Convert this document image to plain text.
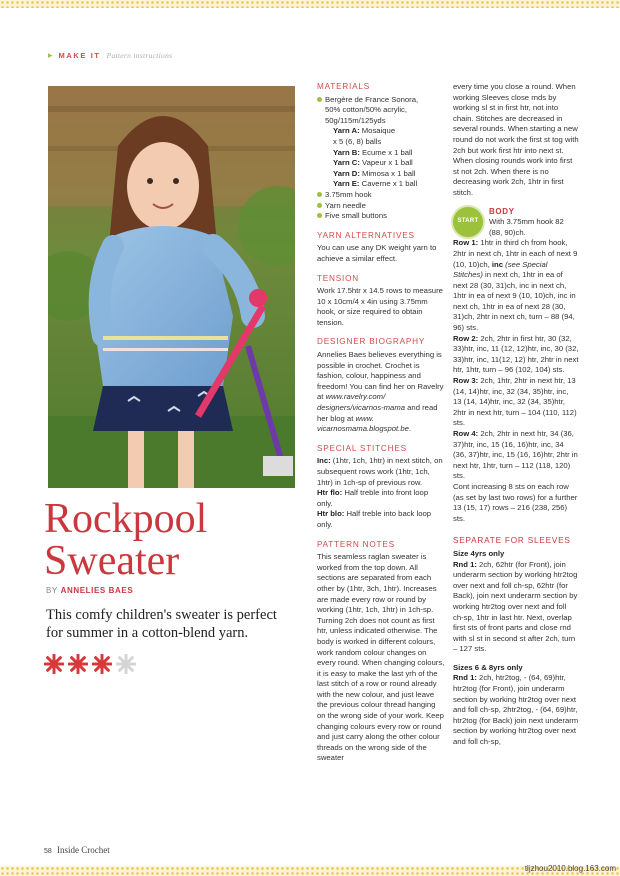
▸ MAKE IT Pattern instructions
Rockpool
Sweater
BY ANNELIES BAES
This comfy children's sweater is perfect for summer in a cotton-blend yarn.
MATERIALS

Bergère de France Sonora,
50% cotton/50% acrylic,
50g/115m/125yds

Yarn A: Mosaique

x 5 (6, 8) balls

Yarn B: Ecume x 1 ball

Yarn C: Vapeur x 1 ball

Yarn D: Mimosa x 1 ball

Yarn E: Caverne x 1 ball

3.75mm hook

Yarn needle

Five small buttons

YARN ALTERNATIVES

You can use any DK weight yarn to achieve a similar effect.

TENSION

Work 17.5htr x 14.5 rows to measure 10 x 10cm/4 x 4in using 3.75mm hook, or size required to obtain tension.

DESIGNER BIOGRAPHY

Annelies Baes believes everything is possible in crochet. Crochet is fashion, colour, happiness and freedom! You can find her on Ravelry at www.ravelry.com/ designers/vicarnos-mama and read her blog at www. vicarnosmama.blogspot.be.

SPECIAL STITCHES

Inc: (1htr, 1ch, 1htr) in next stitch, on subsequent rows work (1htr, 1ch, 1htr) in 1ch-sp of previous row.

Htr flo: Half treble into front loop only.

Htr blo: Half treble into back loop only.

PATTERN NOTES

This seamless raglan sweater is worked from the top down. All sections are separated from each other by (1htr, 3ch, 1htr). Increases are made every row or round by working (1htr, 1ch, 1htr) in 1ch-sp. Turning 2ch does not count as first htr, unless indicated otherwise. The body is worked in different colours, work random colour changes on every round. When changing colours, it is easy to make the last yrh of the last stitch of a row or round already with the new colour, and just leave the previous colour thread hanging on the wrong side of your work. Keep changing colours every row or round and just carry along the other colour threads on the wrong side of the sweater

every time you close a round. When working Sleeves close rnds by working sl st in first htr, not into chain. Stitches are decreased in several rounds. When starting a new round do not work the first st tog with 2ch but work first htr into next st. When closing rounds work into first st not 2ch. When there is no decreasing work 2ch, 1htr in first stitch.

START
BODY
With 3.75mm hook 82 (88, 90)ch.

Row 1: 1htr in third ch from hook, 2htr in next ch, 1htr in each of next 9 (10, 10)ch, inc (see Special Stitches) in next ch, 1htr in ea of next 28 (30, 31)ch, inc in next ch, 1htr in ea of next 9 (10, 10)ch, inc in next ch, 1htr in ea of next 28 (30, 31)ch, 2htr in next ch, turn – 88 (94, 96) sts.

Row 2: 2ch, 2htr in first htr, 30 (32, 33)htr, inc, 11 (12, 12)htr, inc, 30 (32, 33)htr, inc, 11(12, 12) htr, 2htr in next htr, 1htr, turn – 96 (102, 104) sts.

Row 3: 2ch, 1htr, 2htr in next htr, 13 (14, 14)htr, inc, 32 (34, 35)htr, inc, 13 (14, 14)htr, inc, 32 (34, 35)htr, 2htr in next htr, turn – 104 (110, 112) sts.

Row 4: 2ch, 2htr in next htr, 34 (36, 37)htr, inc, 15 (16, 16)htr, inc, 34 (36, 37)htr, inc, 15 (16, 16)htr, 2htr in next htr, 1htr, turn – 112 (118, 120) sts.

Cont increasing 8 sts on each row (as set by last two rows) for a further 13 (15, 17) rows – 216 (238, 256) sts.

SEPARATE FOR SLEEVES

Size 4yrs only

Rnd 1: 2ch, 62htr (for Front), join underarm section by working htr2tog over next and foll ch-sp, 62htr (for Back), join next underarm section by working htr2tog over next and foll ch-sp, 1htr in last htr. Next, overlap first sts of front parts and close rnd with sl st in second st after 2ch, turn – 127 sts.

Sizes 6 & 8yrs only

Rnd 1: 2ch, htr2tog, - (64, 69)htr, htr2tog (for Front), join underarm section by working htr2tog over next and foll ch-sp, 2htr2tog, - (64, 69)htr, htr2tog (for Back) join next underarm section by working htr2tog over next and foll ch-sp,

58 Inside Crochet
tljzhou2010.blog.163.com
